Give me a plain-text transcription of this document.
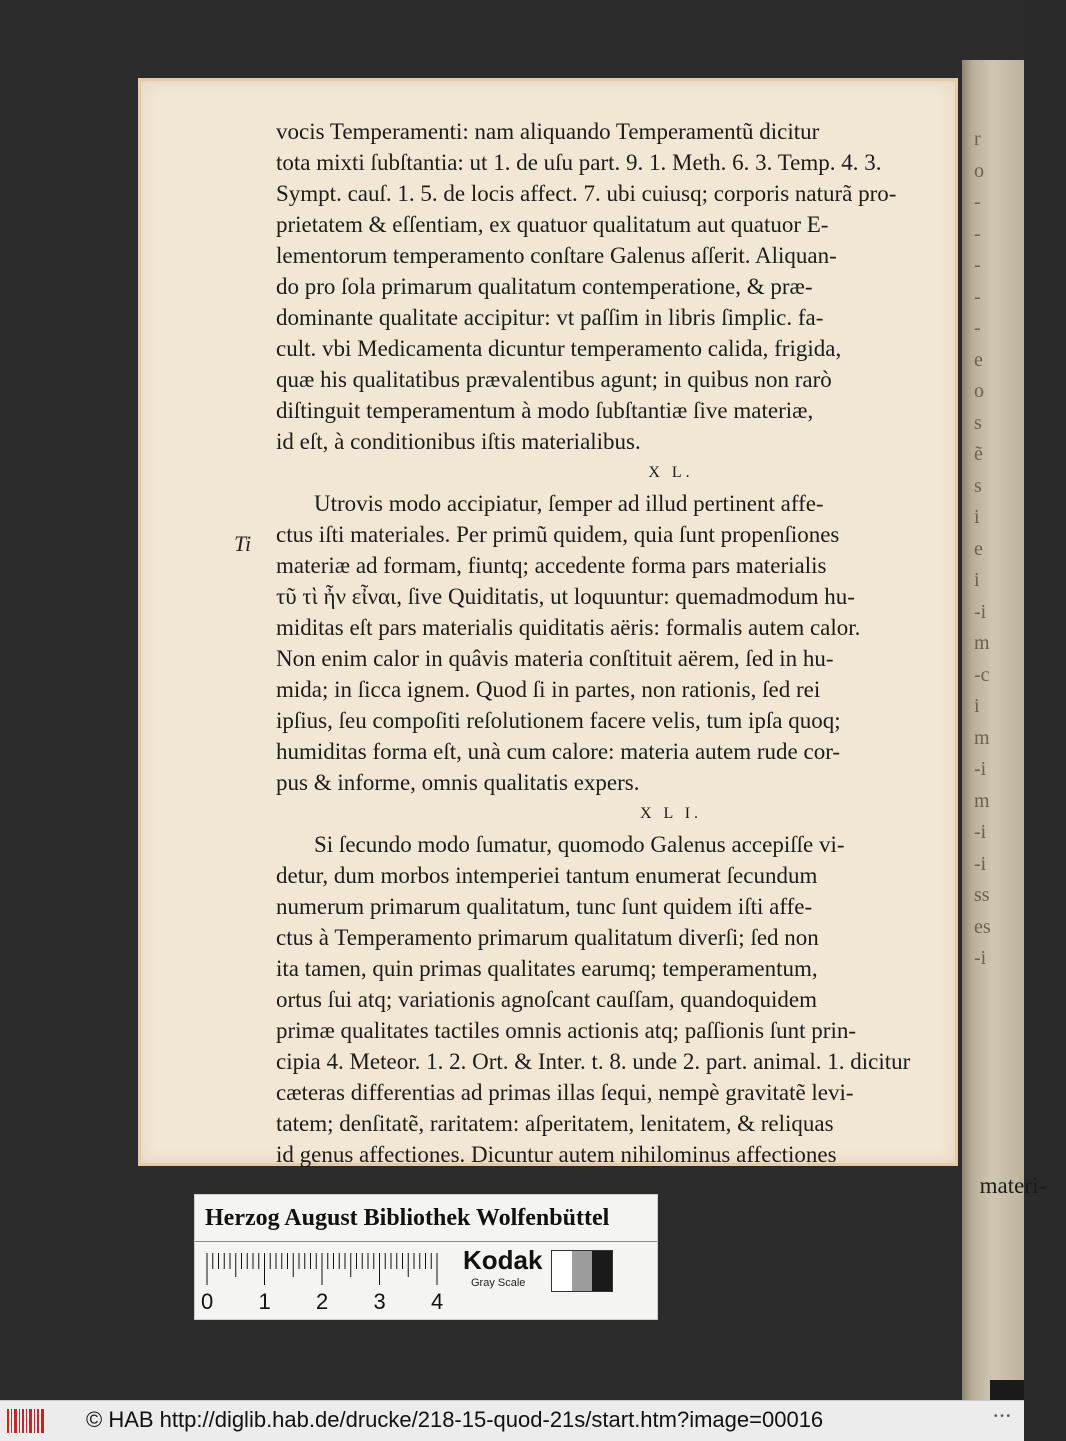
r
o
-
-
-
-
-
e
o
s
ẽ
s
i
e
i
-i
m
-c
i
m
-i
m
-i
-i
ss
es
-i
Ti
vocis Temperamenti: nam aliquando Temperamentũ dicitur
tota mixti ſubſtantia: ut 1. de uſu part. 9. 1. Meth. 6. 3. Temp. 4. 3.
Sympt. cauſ. 1. 5. de locis affect. 7. ubi cuiusq; corporis naturã pro-
prietatem & eſſentiam, ex quatuor qualitatum aut quatuor E-
lementorum temperamento conſtare Galenus aſſerit. Aliquan-
do pro ſola primarum qualitatum contemperatione, & præ-
dominante qualitate accipitur: vt paſſim in libris ſimplic. fa-
cult. vbi Medicamenta dicuntur temperamento calida, frigida,
quæ his qualitatibus prævalentibus agunt; in quibus non rarò
diſtinguit temperamentum à modo ſubſtantiæ ſive materiæ,
id eſt, à conditionibus iſtis materialibus.
X L.
Utrovis modo accipiatur, ſemper ad illud pertinent affe-
ctus iſti materiales. Per primũ quidem, quia ſunt propenſiones
materiæ ad formam, fiuntq; accedente forma pars materialis
τῦ τὶ ἦν εἶναι, ſive Quiditatis, ut loquuntur: quemadmodum hu-
miditas eſt pars materialis quiditatis aëris: formalis autem calor.
Non enim calor in quâvis materia conſtituit aërem, ſed in hu-
mida; in ſicca ignem. Quod ſi in partes, non rationis, ſed rei
ipſius, ſeu compoſiti reſolutionem facere velis, tum ipſa quoq;
humiditas forma eſt, unà cum calore: materia autem rude cor-
pus & informe, omnis qualitatis expers.
X L I.
Si ſecundo modo ſumatur, quomodo Galenus accepiſſe vi-
detur, dum morbos intemperiei tantum enumerat ſecundum
numerum primarum qualitatum, tunc ſunt quidem iſti affe-
ctus à Temperamento primarum qualitatum diverſi; ſed non
ita tamen, quin primas qualitates earumq; temperamentum,
ortus ſui atq; variationis agnoſcant cauſſam, quandoquidem
primæ qualitates tactiles omnis actionis atq; paſſionis ſunt prin-
cipia 4. Meteor. 1. 2. Ort. & Inter. t. 8. unde 2. part. animal. 1. dicitur
cæteras differentias ad primas illas ſequi, nempè gravitatẽ levi-
tatem; denſitatẽ, raritatem: aſperitatem, lenitatem, & reliquas
id genus affectiones. Dicuntur autem nihilominus affectiones
materi-
Herzog August Bibliothek Wolfenbüttel
0 1 2 3 4
Kodak
Gray Scale
© HAB http://diglib.hab.de/drucke/218-15-quod-21s/start.htm?image=00016	• • •
